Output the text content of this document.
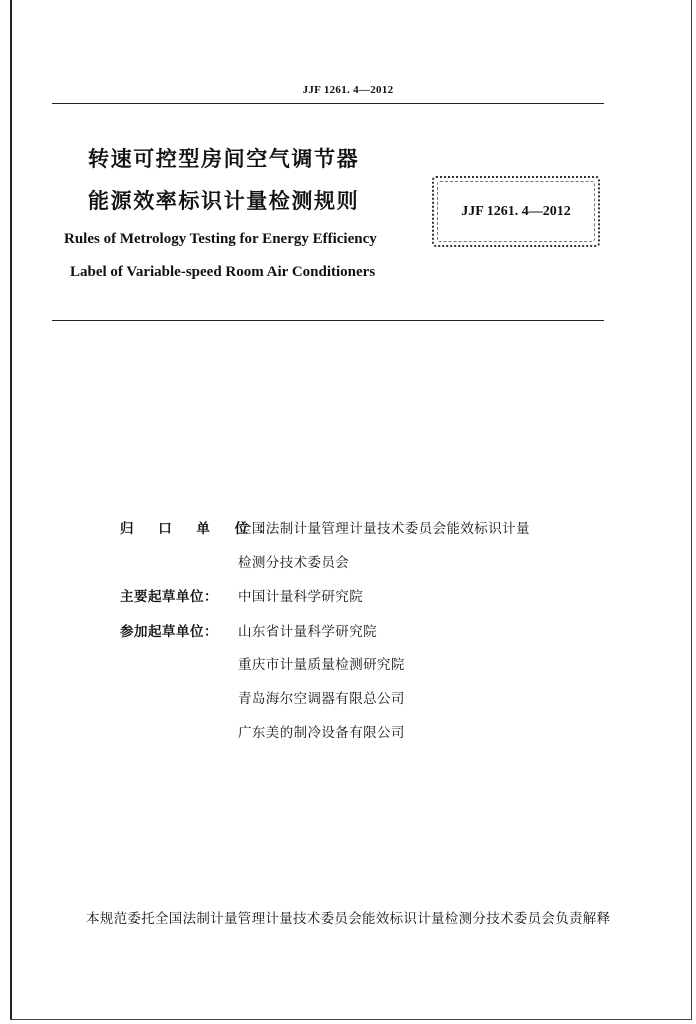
JJF 1261. 4—2012
转速可控型房间空气调节器
能源效率标识计量检测规则	JJF 1261. 4—2012
Rules of Metrology Testing for Energy Efficiency
Label of Variable-speed Room Air Conditioners
归 口 单 位：
全国法制计量管理计量技术委员会能效标识计量
检测分技术委员会
主要起草单位： 中国计量科学研究院
参加起草单位： 山东省计量科学研究院
重庆市计量质量检测研究院
青岛海尔空调器有限总公司
广东美的制冷设备有限公司
本规范委托全国法制计量管理计量技术委员会能效标识计量检测分技术委员会负责解释
